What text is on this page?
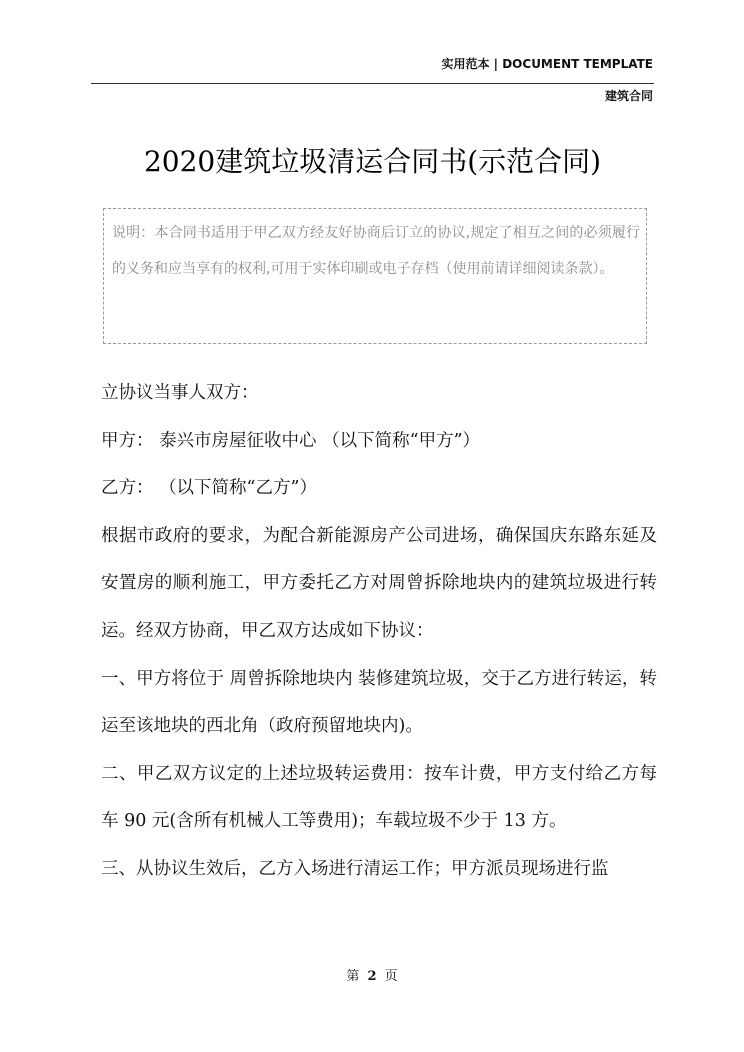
实用范本 | DOCUMENT TEMPLATE
建筑合同
2020建筑垃圾清运合同书(示范合同)
说明：本合同书适用于甲乙双方经友好协商后订立的协议,规定了相互之间的必须履行的义务和应当享有的权利,可用于实体印刷或电子存档（使用前请详细阅读条款）。

立协议当事人双方：

甲方： 泰兴市房屋征收中心 （以下简称“甲方”）

乙方： （以下简称“乙方”）

根据市政府的要求，为配合新能源房产公司进场，确保国庆东路东延及安置房的顺利施工，甲方委托乙方对周曾拆除地块内的建筑垃圾进行转运。经双方协商，甲乙双方达成如下协议：

一、甲方将位于 周曾拆除地块内 装修建筑垃圾，交于乙方进行转运，转运至该地块的西北角（政府预留地块内)。

二、甲乙双方议定的上述垃圾转运费用：按车计费，甲方支付给乙方每车 90 元(含所有机械人工等费用)；车载垃圾不少于 13 方。

三、从协议生效后，乙方入场进行清运工作；甲方派员现场进行监

第 2 页
